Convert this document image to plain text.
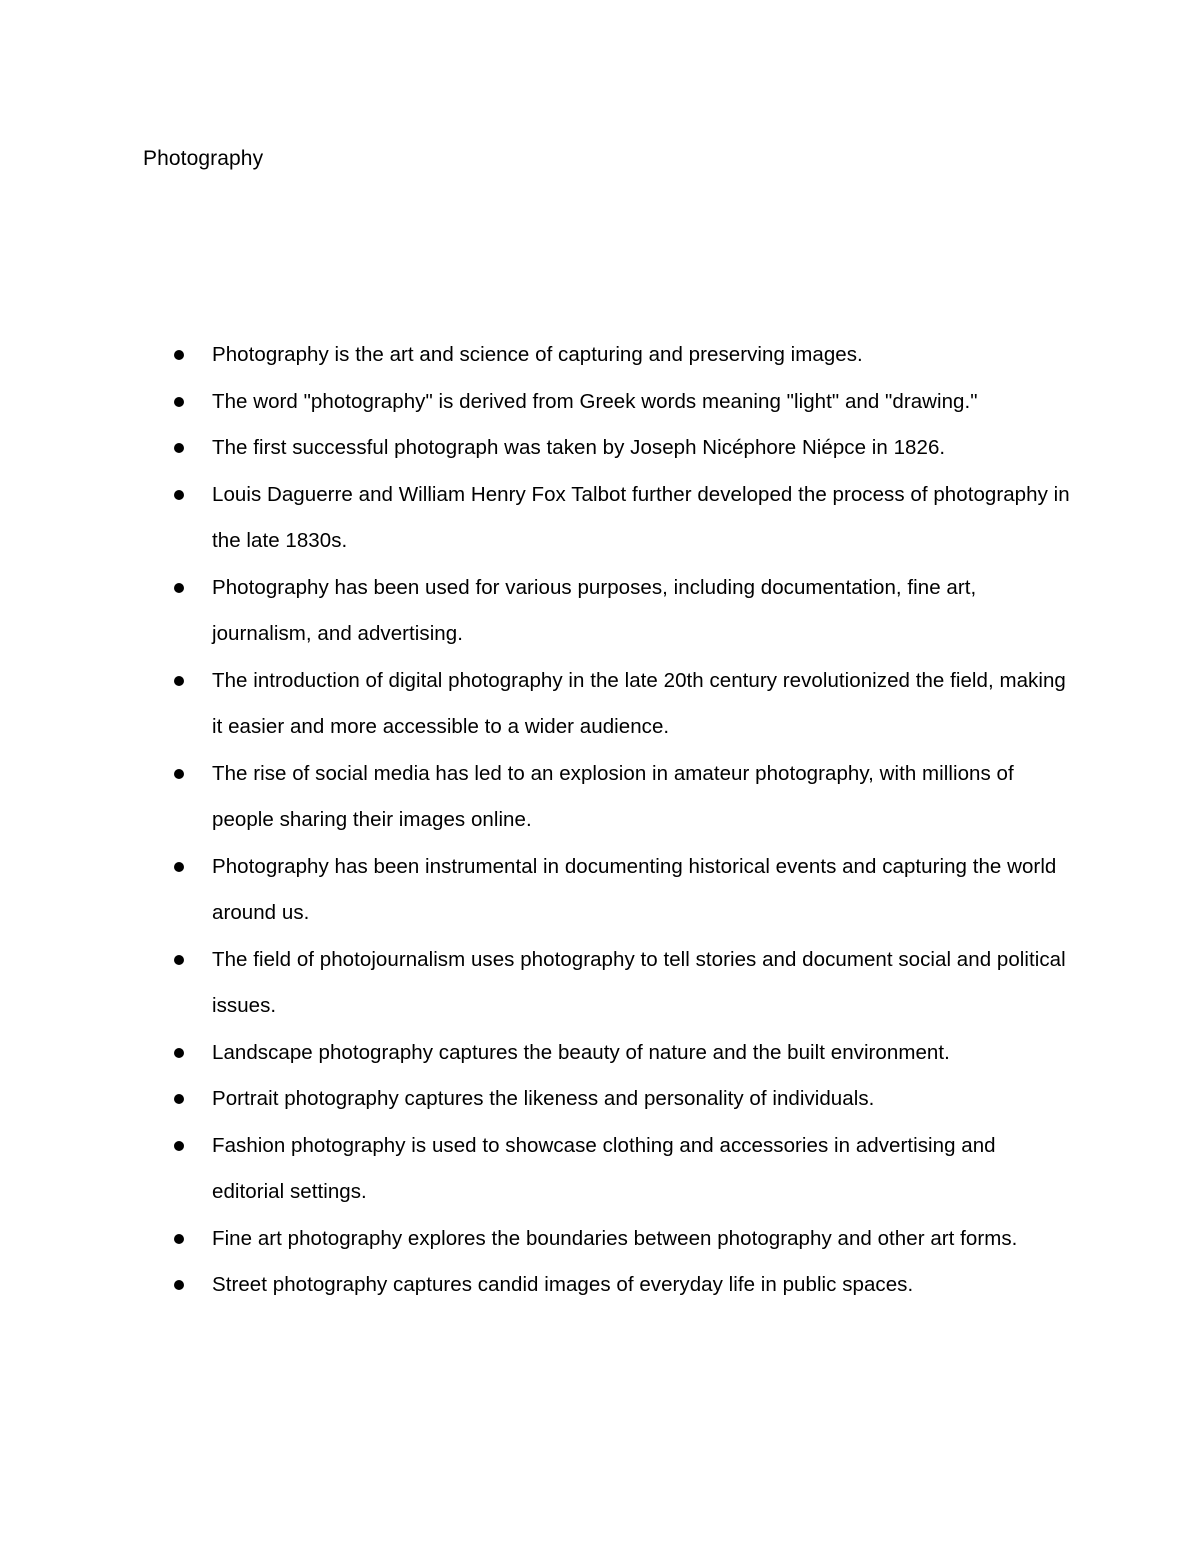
Photography
Photography is the art and science of capturing and preserving images.
The word "photography" is derived from Greek words meaning "light" and "drawing."
The first successful photograph was taken by Joseph Nicéphore Niépce in 1826.
Louis Daguerre and William Henry Fox Talbot further developed the process of photography in the late 1830s.
Photography has been used for various purposes, including documentation, fine art, journalism, and advertising.
The introduction of digital photography in the late 20th century revolutionized the field, making it easier and more accessible to a wider audience.
The rise of social media has led to an explosion in amateur photography, with millions of people sharing their images online.
Photography has been instrumental in documenting historical events and capturing the world around us.
The field of photojournalism uses photography to tell stories and document social and political issues.
Landscape photography captures the beauty of nature and the built environment.
Portrait photography captures the likeness and personality of individuals.
Fashion photography is used to showcase clothing and accessories in advertising and editorial settings.
Fine art photography explores the boundaries between photography and other art forms.
Street photography captures candid images of everyday life in public spaces.
